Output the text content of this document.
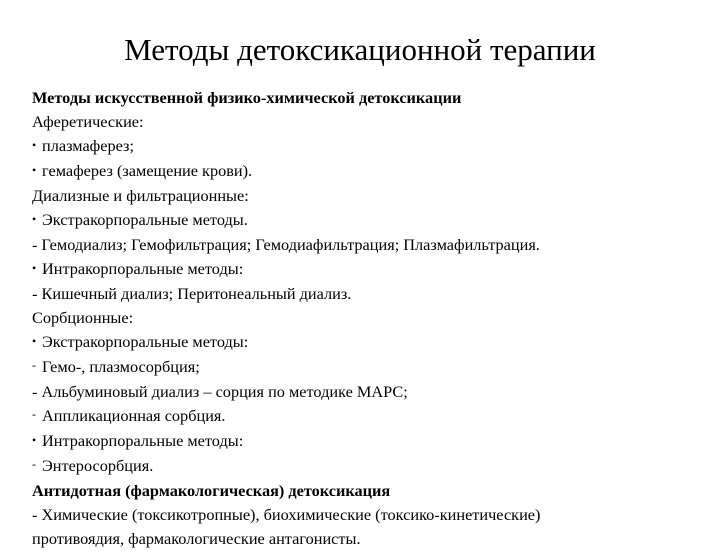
Методы детоксикационной терапии
Методы искусственной физико-химической детоксикации
Аферетические:
• плазмаферез;
• гемаферез (замещение крови).
Диализные и фильтрационные:
• Экстракорпоральные методы.
- Гемодиализ; Гемофильтрация; Гемодиафильтрация; Плазмафильтрация.
• Интракорпоральные методы:
- Кишечный диализ; Перитонеальный диализ.
Сорбционные:
• Экстракорпоральные методы:
- Гемо-, плазмосорбция;
- Альбуминовый диализ – сорция по методике МАРС;
- Аппликационная сорбция.
• Интракорпоральные методы:
- Энтеросорбция.
Антидотная (фармакологическая) детоксикация
- Химические (токсикотропные), биохимические (токсико-кинетические)
противоядия, фармакологические антагонисты.
